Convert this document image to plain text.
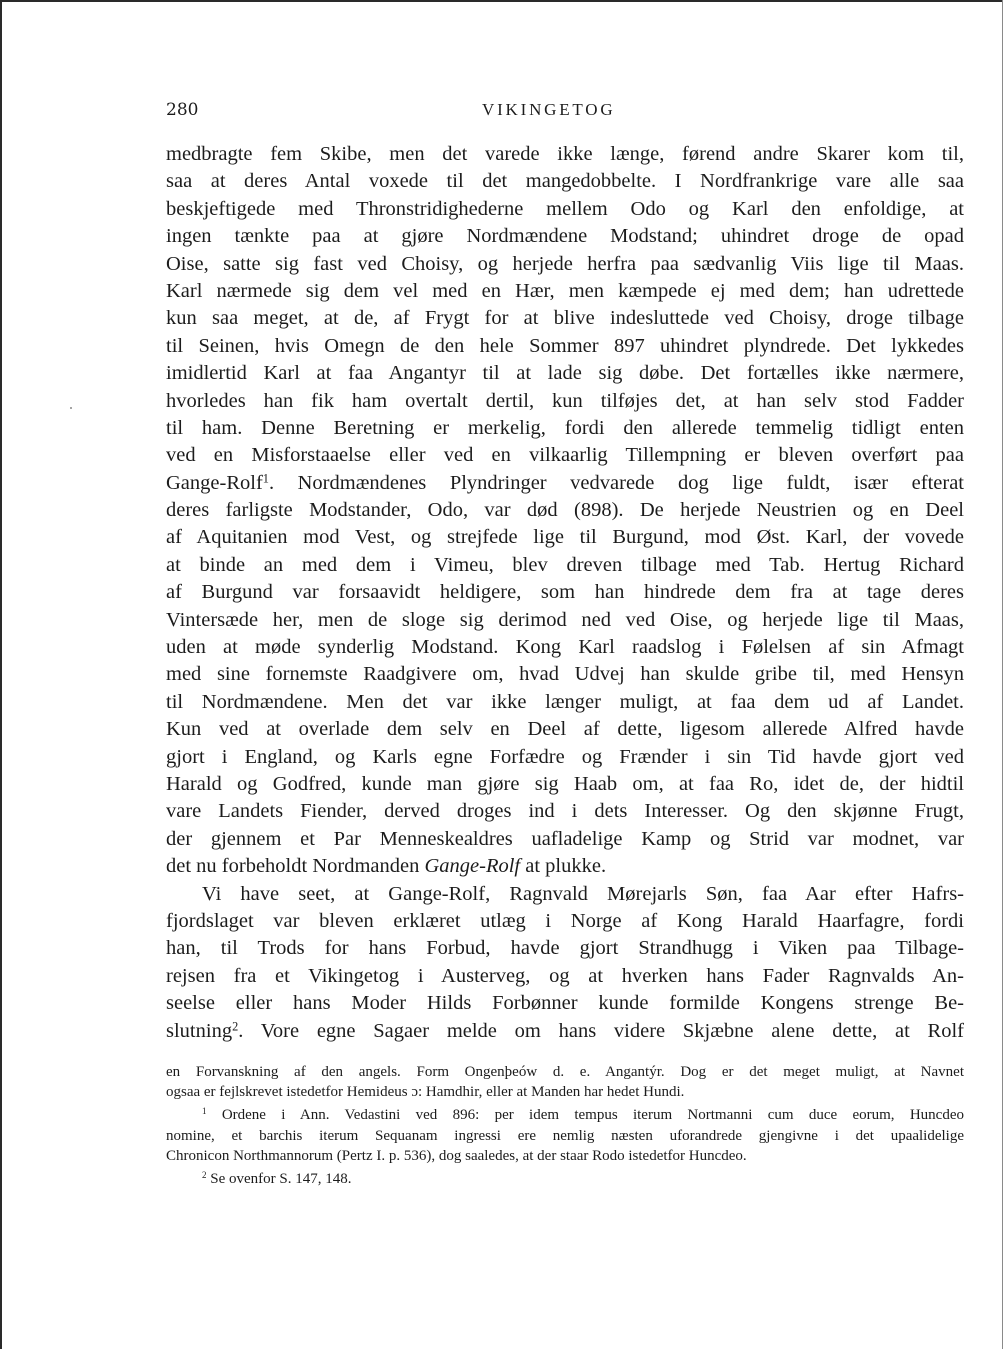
280	VIKINGETOG
medbragte fem Skibe, men det varede ikke længe, førend andre Skarer kom til,
saa at deres Antal voxede til det mangedobbelte. I Nordfrankrige vare alle saa
beskjeftigede med Thronstridighederne mellem Odo og Karl den enfoldige, at
ingen tænkte paa at gjøre Nordmændene Modstand; uhindret droge de opad
Oise, satte sig fast ved Choisy, og herjede herfra paa sædvanlig Viis lige til Maas.
Karl nærmede sig dem vel med en Hær, men kæmpede ej med dem; han udrettede
kun saa meget, at de, af Frygt for at blive indesluttede ved Choisy, droge tilbage
til Seinen, hvis Omegn de den hele Sommer 897 uhindret plyndrede. Det lykkedes
imidlertid Karl at faa Angantyr til at lade sig døbe. Det fortælles ikke nærmere,
hvorledes han fik ham overtalt dertil, kun tilføjes det, at han selv stod Fadder
til ham. Denne Beretning er merkelig, fordi den allerede temmelig tidligt enten
ved en Misforstaaelse eller ved en vilkaarlig Tillempning er bleven overført paa
Gange-Rolf$^1$. Nordmændenes Plyndringer vedvarede dog lige fuldt, især efterat
deres farligste Modstander, Odo, var død (898). De herjede Neustrien og en Deel
af Aquitanien mod Vest, og strejfede lige til Burgund, mod Øst. Karl, der vovede
at binde an med dem i Vimeu, blev dreven tilbage med Tab. Hertug Richard
af Burgund var forsaavidt heldigere, som han hindrede dem fra at tage deres
Vintersæde her, men de sloge sig derimod ned ved Oise, og herjede lige til Maas,
uden at møde synderlig Modstand. Kong Karl raadslog i Følelsen af sin Afmagt
med sine fornemste Raadgivere om, hvad Udvej han skulde gribe til, med Hensyn
til Nordmændene. Men det var ikke længer muligt, at faa dem ud af Landet.
Kun ved at overlade dem selv en Deel af dette, ligesom allerede Alfred havde
gjort i England, og Karls egne Forfædre og Frænder i sin Tid havde gjort ved
Harald og Godfred, kunde man gjøre sig Haab om, at faa Ro, idet de, der hidtil
vare Landets Fiender, derved droges ind i dets Interesser. Og den skjønne Frugt,
der gjennem et Par Menneskealdres uafladelige Kamp og Strid var modnet, var
det nu forbeholdt Nordmanden Gange-Rolf at plukke.
Vi have seet, at Gange-Rolf, Ragnvald Mørejarls Søn, faa Aar efter Hafrs-
fjordslaget var bleven erklæret utlæg i Norge af Kong Harald Haarfagre, fordi
han, til Trods for hans Forbud, havde gjort Strandhugg i Viken paa Tilbage-
rejsen fra et Vikingetog i Austerveg, og at hverken hans Fader Ragnvalds An-
seelse eller hans Moder Hilds Forbønner kunde formilde Kongens strenge Be-
slutning$^2$. Vore egne Sagaer melde om hans videre Skjæbne alene dette, at Rolf
en Forvanskning af den angels. Form Ongenþeów d. e. Angantýr. Dog er det meget muligt, at Navnet
ogsaa er fejlskrevet istedetfor Hemideus ɔ: Hamdhir, eller at Manden har hedet Hundi.
$^1$ Ordene i Ann. Vedastini ved 896: per idem tempus iterum Nortmanni cum duce eorum, Huncdeo
nomine, et barchis iterum Sequanam ingressi ere nemlig næsten uforandrede gjengivne i det upaalidelige
Chronicon Northmannorum (Pertz I. p. 536), dog saaledes, at der staar Rodo istedetfor Huncdeo.
$^2$ Se ovenfor S. 147, 148.
